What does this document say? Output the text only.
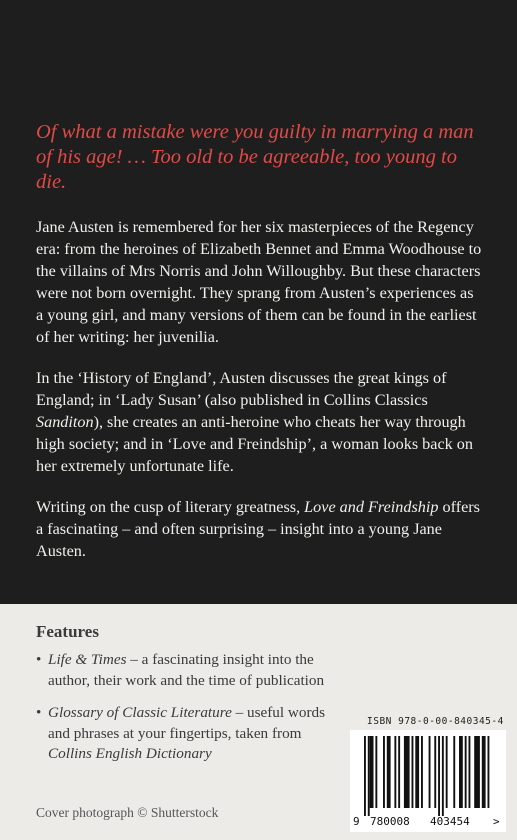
Of what a mistake were you guilty in marrying a man of his age! … Too old to be agreeable, too young to die.

Jane Austen is remembered for her six masterpieces of the Regency era: from the heroines of Elizabeth Bennet and Emma Woodhouse to the villains of Mrs Norris and John Willoughby. But these characters were not born overnight. They sprang from Austen’s experiences as a young girl, and many versions of them can be found in the earliest of her writing: her juvenilia.

In the ‘History of England’, Austen discusses the great kings of England; in ‘Lady Susan’ (also published in Collins Classics Sanditon), she creates an anti-heroine who cheats her way through high society; and in ‘Love and Freindship’, a woman looks back on her extremely unfortunate life.

Writing on the cusp of literary greatness, Love and Freindship offers a fascinating – and often surprising – insight into a young Jane Austen.

Features
• Life & Times – a fascinating insight into the author, their work and the time of publication
• Glossary of Classic Literature – useful words and phrases at your fingertips, taken from Collins English Dictionary
Cover photograph © Shutterstock
ISBN 978-0-00-840345-4
9 780008 403454 >
